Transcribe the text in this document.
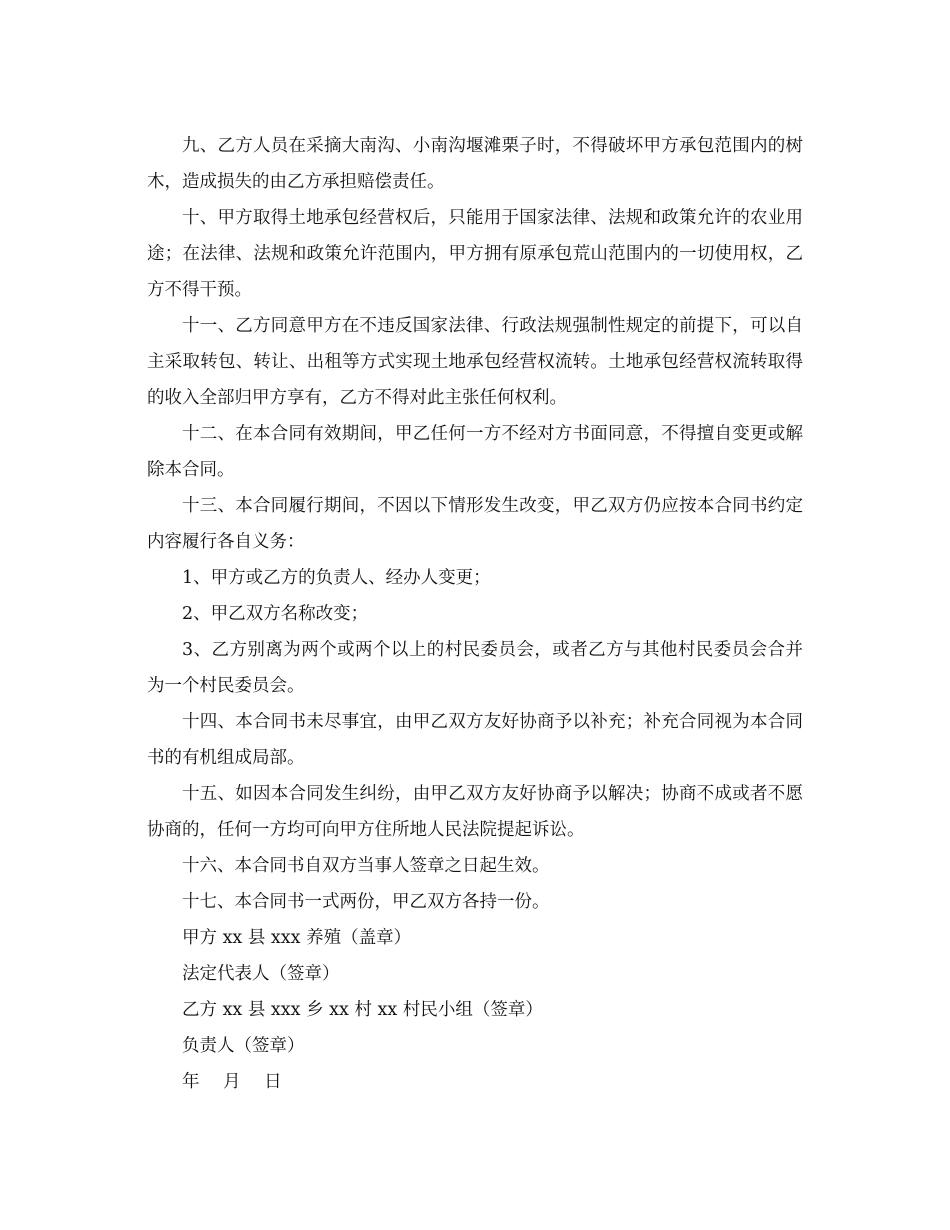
九、乙方人员在采摘大南沟、小南沟堰滩栗子时，不得破坏甲方承包范围内的树木，造成损失的由乙方承担赔偿责任。

十、甲方取得土地承包经营权后，只能用于国家法律、法规和政策允许的农业用途；在法律、法规和政策允许范围内，甲方拥有原承包荒山范围内的一切使用权，乙方不得干预。

十一、乙方同意甲方在不违反国家法律、行政法规强制性规定的前提下，可以自主采取转包、转让、出租等方式实现土地承包经营权流转。土地承包经营权流转取得的收入全部归甲方享有，乙方不得对此主张任何权利。

十二、在本合同有效期间，甲乙任何一方不经对方书面同意，不得擅自变更或解除本合同。

十三、本合同履行期间，不因以下情形发生改变，甲乙双方仍应按本合同书约定内容履行各自义务：

1、甲方或乙方的负责人、经办人变更；

2、甲乙双方名称改变；

3、乙方别离为两个或两个以上的村民委员会，或者乙方与其他村民委员会合并为一个村民委员会。

十四、本合同书未尽事宜，由甲乙双方友好协商予以补充；补充合同视为本合同书的有机组成局部。

十五、如因本合同发生纠纷，由甲乙双方友好协商予以解决；协商不成或者不愿协商的，任何一方均可向甲方住所地人民法院提起诉讼。

十六、本合同书自双方当事人签章之日起生效。

十七、本合同书一式两份，甲乙双方各持一份。

甲方 xx 县 xxx 养殖（盖章）

法定代表人（签章）

乙方 xx 县 xxx 乡 xx 村 xx 村民小组（签章）

负责人（签章）

年 月 日
